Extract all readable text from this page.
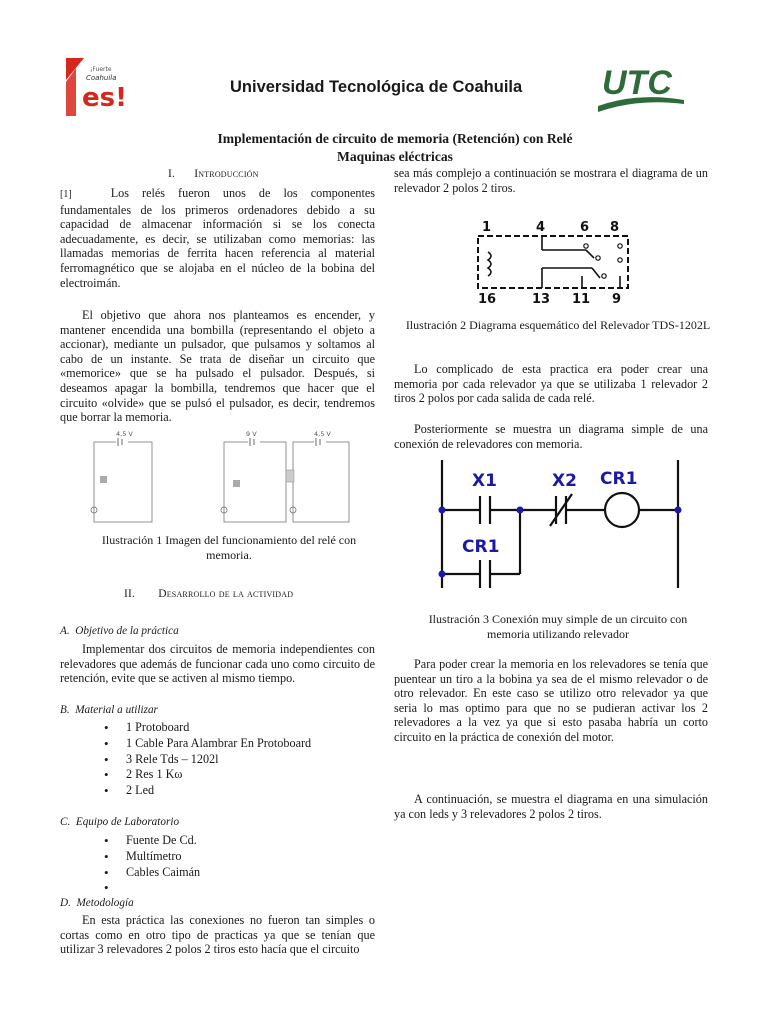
¡Fuerte
Coahuila
es!	Universidad Tecnológica de Coahuila UTC
Implementación de circuito de memoria (Retención) con Relé
Maquinas eléctricas
I. Introducción
[1]	Los relés fueron unos de los componentes fundamentales de los primeros ordenadores debido a su capacidad de almacenar información si se los conecta adecuadamente, es decir, se utilizaban como memorias: las llamadas memorias de ferrita hacen referencia al material ferromagnético que se alojaba en el núcleo de la bobina del electroimán.

El objetivo que ahora nos planteamos es encender, y mantener encendida una bombilla (representando el objeto a accionar), mediante un pulsador, que pulsamos y soltamos al cabo de un instante. Se trata de diseñar un circuito que «memorice» que se ha pulsado el pulsador. Después, si deseamos apagar la bombilla, tendremos que hacer que el circuito «olvide» que se pulsó el pulsador, es decir, tendremos que borrar la memoria.

4,5 V	9 V	4,5 V
Ilustración 1 Imagen del funcionamiento del relé con memoria.
II. Desarrollo de la actividad
A. Objetivo de la práctica

Implementar dos circuitos de memoria independientes con relevadores que además de funcionar cada uno como circuito de retención, evite que se activen al mismo tiempo.

B. Material a utilizar
• 1 Protoboard
• 1 Cable Para Alambrar En Protoboard
• 3 Rele Tds – 1202l
• 2 Res 1 Kω
• 2 Led
C. Equipo de Laboratorio
• Fuente De Cd.
• Multímetro
• Cables Caimán
•
D. Metodología

En esta práctica las conexiones no fueron tan simples o cortas como en otro tipo de practicas ya que se tenían que utilizar 3 relevadores 2 polos 2 tiros esto hacía que el circuito

sea más complejo a continuación se mostrara el diagrama de un relevador 2 polos 2 tiros.

1	4	6 8
16	13 11 9
Ilustración 2 Diagrama esquemático del Relevador TDS-1202L

Lo complicado de esta practica era poder crear una memoria por cada relevador ya que se utilizaba 1 relevador 2 tiros 2 polos por cada salida de cada relé.

Posteriormente se muestra un diagrama simple de una conexión de relevadores con memoria.

X1	X2 CR1
CR1
Ilustración 3 Conexión muy simple de un circuito con memoria utilizando relevador

Para poder crear la memoria en los relevadores se tenía que puentear un tiro a la bobina ya sea de el mismo relevador o de otro relevador. En este caso se utilizo otro relevador ya que seria lo mas optimo para que no se pudieran activar los 2 relevadores a la vez ya que si esto pasaba habría un corto circuito en la práctica de conexión del motor.

A continuación, se muestra el diagrama en una simulación ya con leds y 3 relevadores 2 polos 2 tiros.
